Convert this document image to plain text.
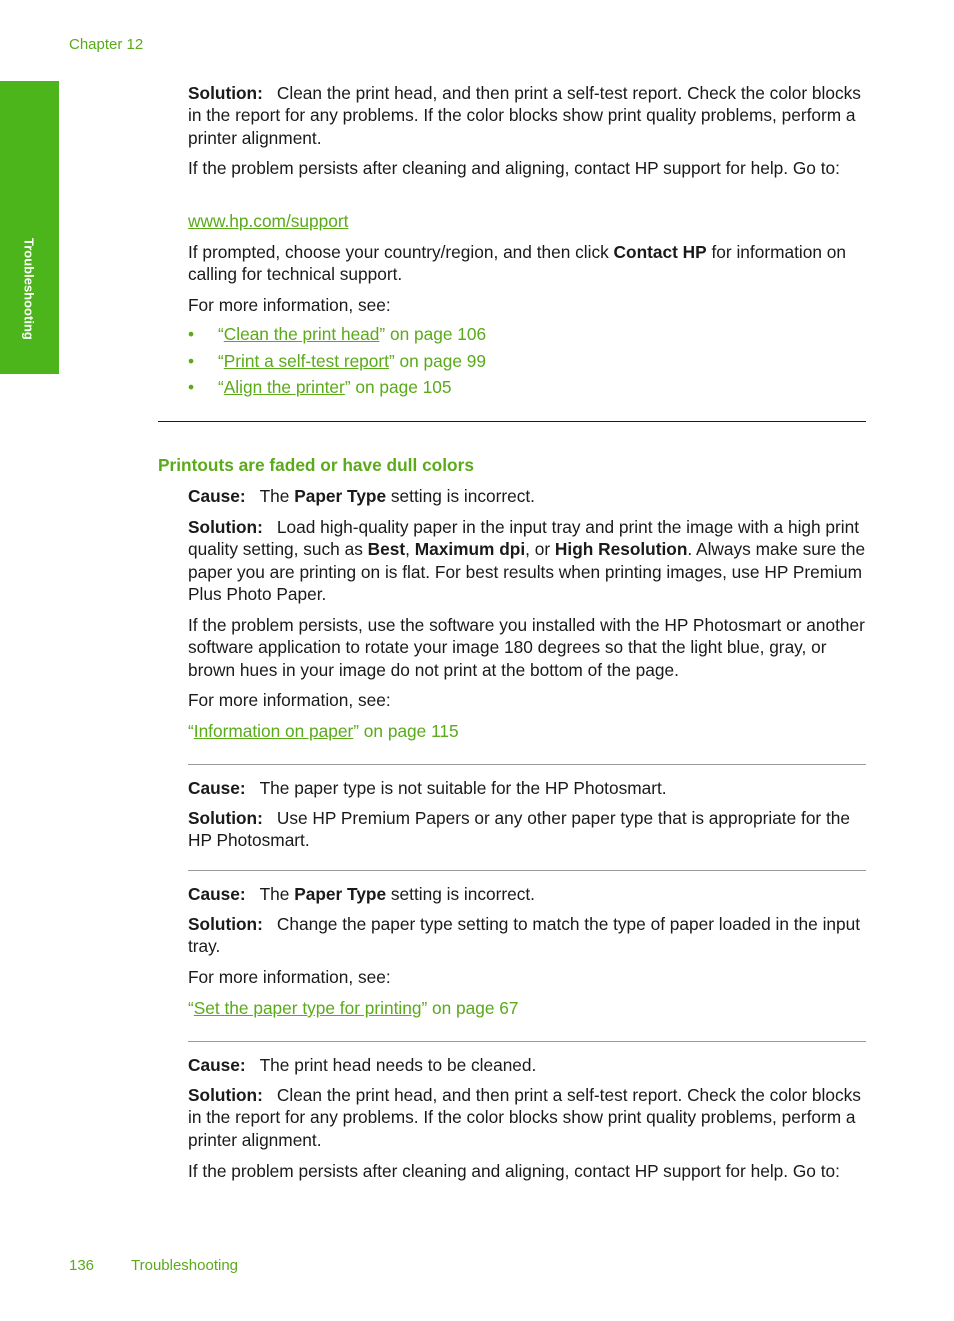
Chapter 12
Troubleshooting

Solution: Clean the print head, and then print a self-test report. Check the color blocks in the report for any problems. If the color blocks show print quality problems, perform a printer alignment.

If the problem persists after cleaning and aligning, contact HP support for help. Go to:

www.hp.com/support

If prompted, choose your country/region, and then click Contact HP for information on calling for technical support.

For more information, see:

• “Clean the print head” on page 106
• “Print a self-test report” on page 99
• “Align the printer” on page 105
Printouts are faded or have dull colors

Cause: The Paper Type setting is incorrect.

Solution: Load high-quality paper in the input tray and print the image with a high print quality setting, such as Best, Maximum dpi, or High Resolution. Always make sure the paper you are printing on is flat. For best results when printing images, use HP Premium Plus Photo Paper.

If the problem persists, use the software you installed with the HP Photosmart or another software application to rotate your image 180 degrees so that the light blue, gray, or brown hues in your image do not print at the bottom of the page.

For more information, see:

“Information on paper” on page 115

Cause: The paper type is not suitable for the HP Photosmart.

Solution: Use HP Premium Papers or any other paper type that is appropriate for the HP Photosmart.

Cause: The Paper Type setting is incorrect.

Solution: Change the paper type setting to match the type of paper loaded in the input tray.

For more information, see:

“Set the paper type for printing” on page 67

Cause: The print head needs to be cleaned.

Solution: Clean the print head, and then print a self-test report. Check the color blocks in the report for any problems. If the color blocks show print quality problems, perform a printer alignment.

If the problem persists after cleaning and aligning, contact HP support for help. Go to:

136 Troubleshooting
